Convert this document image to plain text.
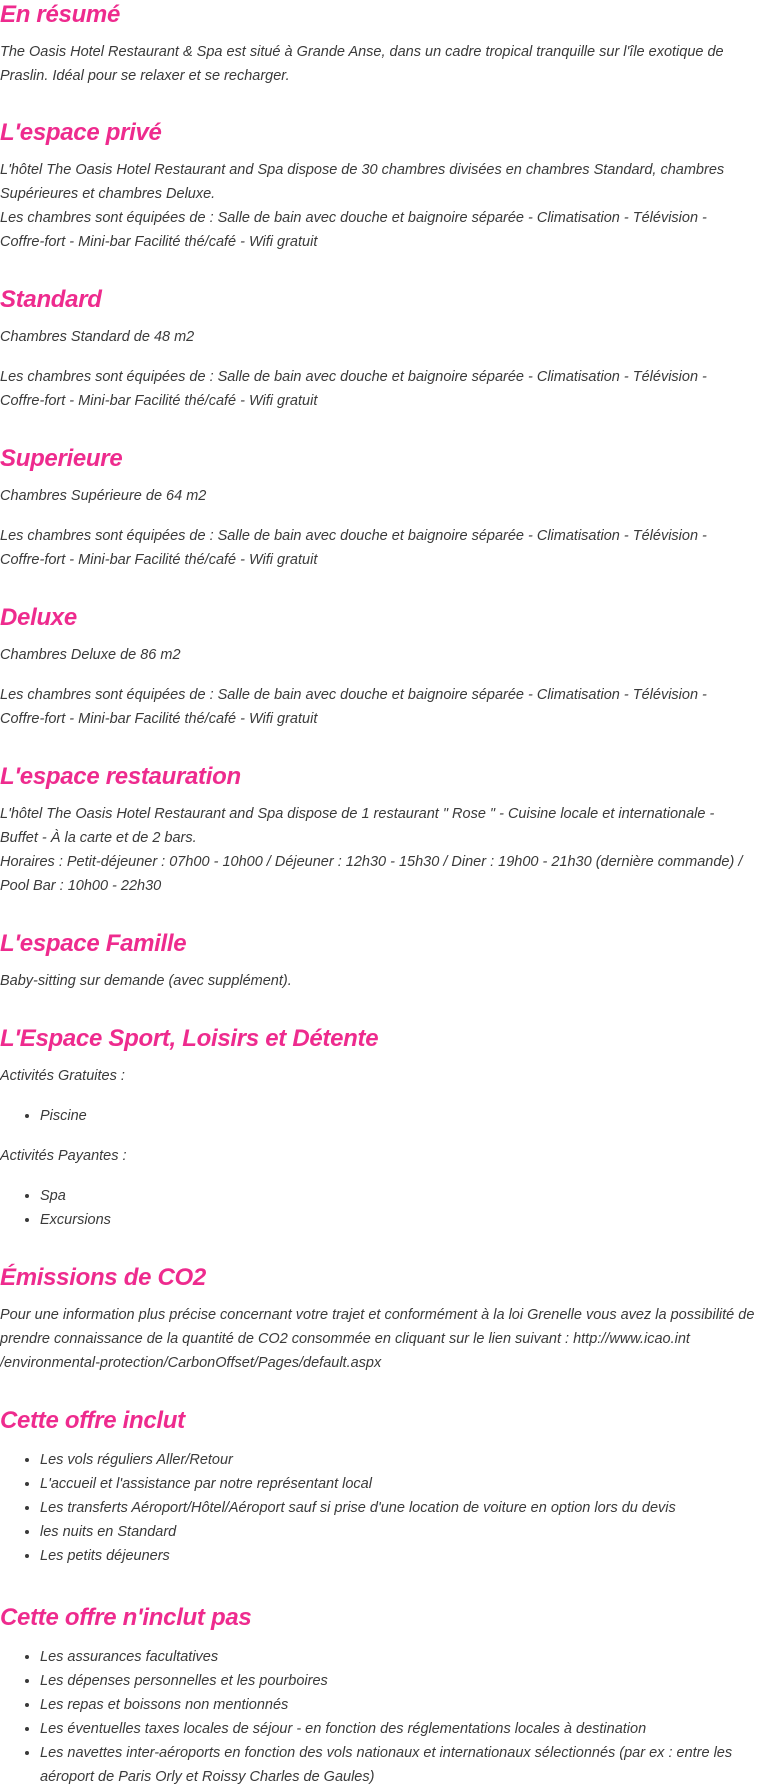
En résumé

The Oasis Hotel Restaurant & Spa est situé à Grande Anse, dans un cadre tropical tranquille sur l'île exotique de Praslin. Idéal pour se relaxer et se recharger.

L'espace privé

L'hôtel The Oasis Hotel Restaurant and Spa dispose de 30 chambres divisées en chambres Standard, chambres Supérieures et chambres Deluxe.

Les chambres sont équipées de : Salle de bain avec douche et baignoire séparée - Climatisation - Télévision - Coffre-fort - Mini-bar Facilité thé/café - Wifi gratuit

Standard

Chambres Standard de 48 m2

Les chambres sont équipées de : Salle de bain avec douche et baignoire séparée - Climatisation - Télévision - Coffre-fort - Mini-bar Facilité thé/café - Wifi gratuit

Superieure

Chambres Supérieure de 64 m2

Les chambres sont équipées de : Salle de bain avec douche et baignoire séparée - Climatisation - Télévision - Coffre-fort - Mini-bar Facilité thé/café - Wifi gratuit

Deluxe

Chambres Deluxe de 86 m2

Les chambres sont équipées de : Salle de bain avec douche et baignoire séparée - Climatisation - Télévision - Coffre-fort - Mini-bar Facilité thé/café - Wifi gratuit

L'espace restauration

L'hôtel The Oasis Hotel Restaurant and Spa dispose de 1 restaurant " Rose " - Cuisine locale et internationale - Buffet - À la carte et de 2 bars.

Horaires : Petit-déjeuner : 07h00 - 10h00 / Déjeuner : 12h30 - 15h30 / Diner : 19h00 - 21h30 (dernière commande) / Pool Bar : 10h00 - 22h30

L'espace Famille

Baby-sitting sur demande (avec supplément).

L'Espace Sport, Loisirs et Détente

Activités Gratuites :

• Piscine

Activités Payantes :

• Spa
• Excursions
Émissions de CO2

Pour une information plus précise concernant votre trajet et conformément à la loi Grenelle vous avez la possibilité de prendre connaissance de la quantité de CO2 consommée en cliquant sur le lien suivant : http://www.icao.int /environmental-protection/CarbonOffset/Pages/default.aspx

Cette offre inclut
• Les vols réguliers Aller/Retour
• L'accueil et l'assistance par notre représentant local
• Les transferts Aéroport/Hôtel/Aéroport sauf si prise d'une location de voiture en option lors du devis
• les nuits en Standard
• Les petits déjeuners
Cette offre n'inclut pas
• Les assurances facultatives
• Les dépenses personnelles et les pourboires
• Les repas et boissons non mentionnés
• Les éventuelles taxes locales de séjour - en fonction des réglementations locales à destination
• Les navettes inter-aéroports en fonction des vols nationaux et internationaux sélectionnés (par ex : entre les aéroport de Paris Orly et Roissy Charles de Gaules)
